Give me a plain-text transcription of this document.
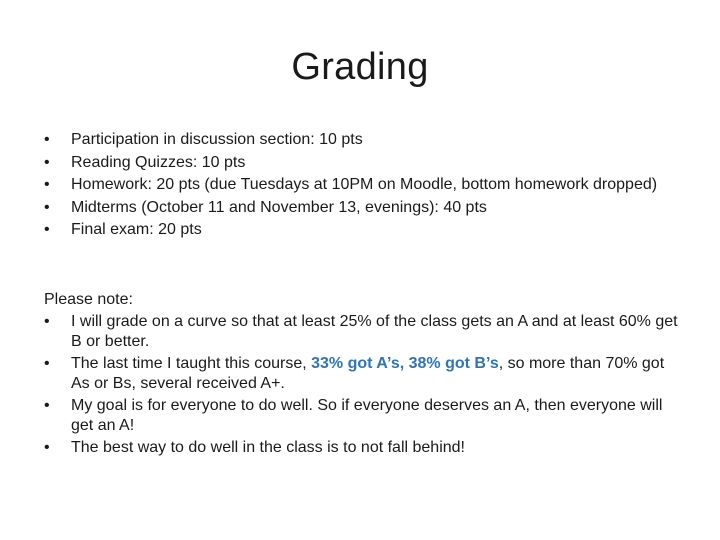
Grading
•	Participation in discussion section: 10 pts
•	Reading Quizzes: 10 pts
•	Homework: 20 pts (due Tuesdays at 10PM on Moodle, bottom homework dropped)
•	Midterms (October 11 and November 13, evenings): 40 pts
•	Final exam: 20 pts
Please note:
•	I will grade on a curve so that at least 25% of the class gets an A and at least 60% get B or better.
•	The last time I taught this course, 33% got A’s, 38% got B’s, so more than 70% got As or Bs, several received A+.
•	My goal is for everyone to do well. So if everyone deserves an A, then everyone will get an A!
•	The best way to do well in the class is to not fall behind!
